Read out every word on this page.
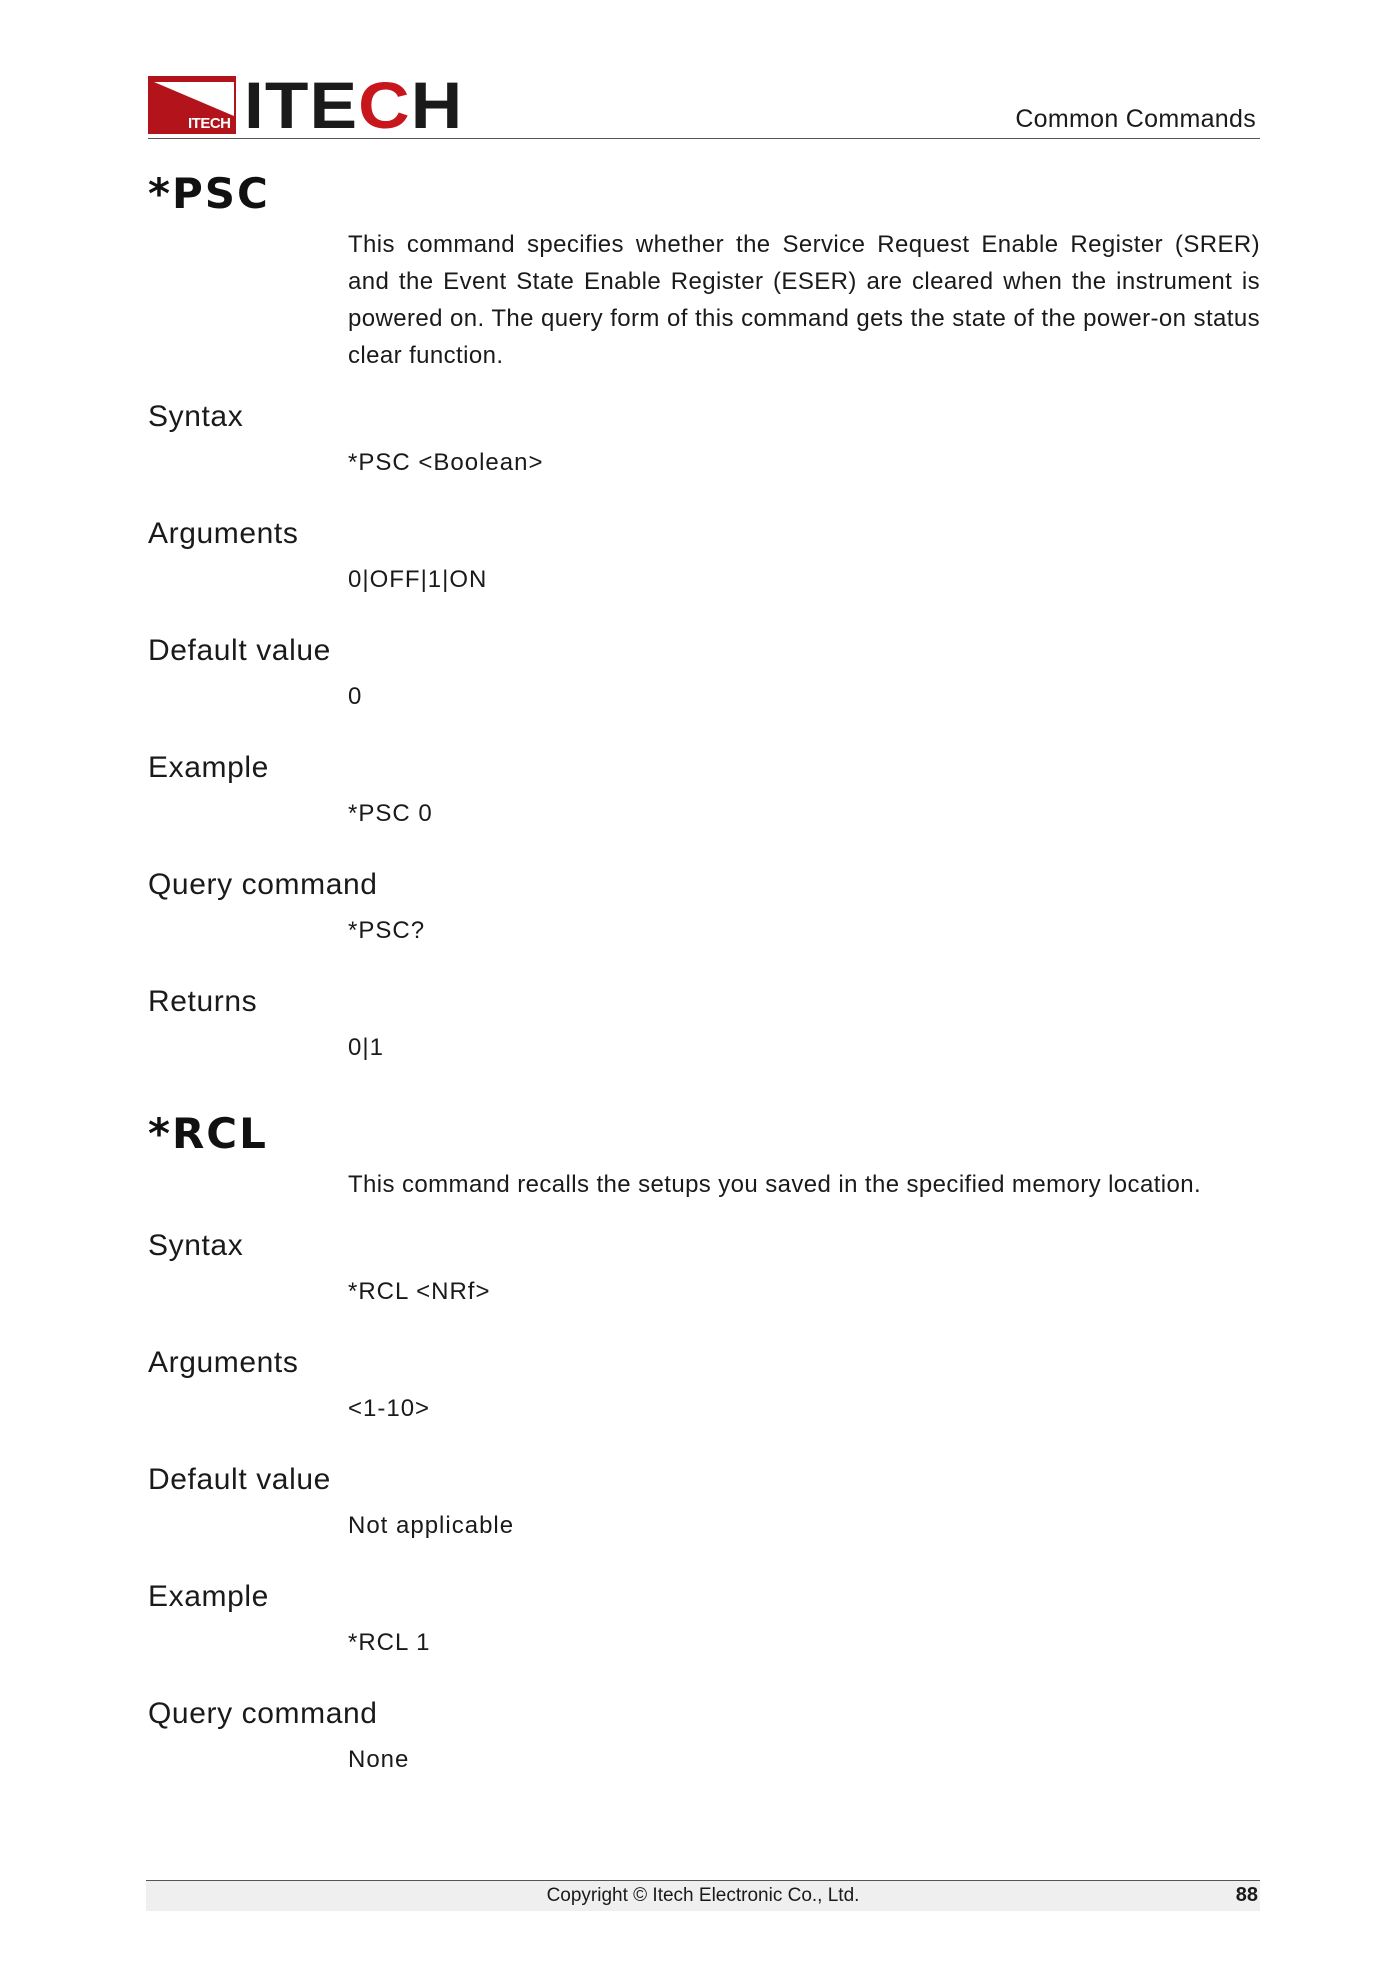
ITECH ITECH	Common Commands
*PSC

This command specifies whether the Service Request Enable Register (SRER) and the Event State Enable Register (ESER) are cleared when the instrument is powered on. The query form of this command gets the state of the power-on status clear function.

Syntax

*PSC <Boolean>

Arguments

0|OFF|1|ON

Default value

0

Example

*PSC 0

Query command

*PSC?

Returns

0|1

*RCL

This command recalls the setups you saved in the specified memory location.

Syntax

*RCL <NRf>

Arguments

<1-10>

Default value

Not applicable

Example

*RCL 1

Query command

None

Copyright © Itech Electronic Co., Ltd.	88
